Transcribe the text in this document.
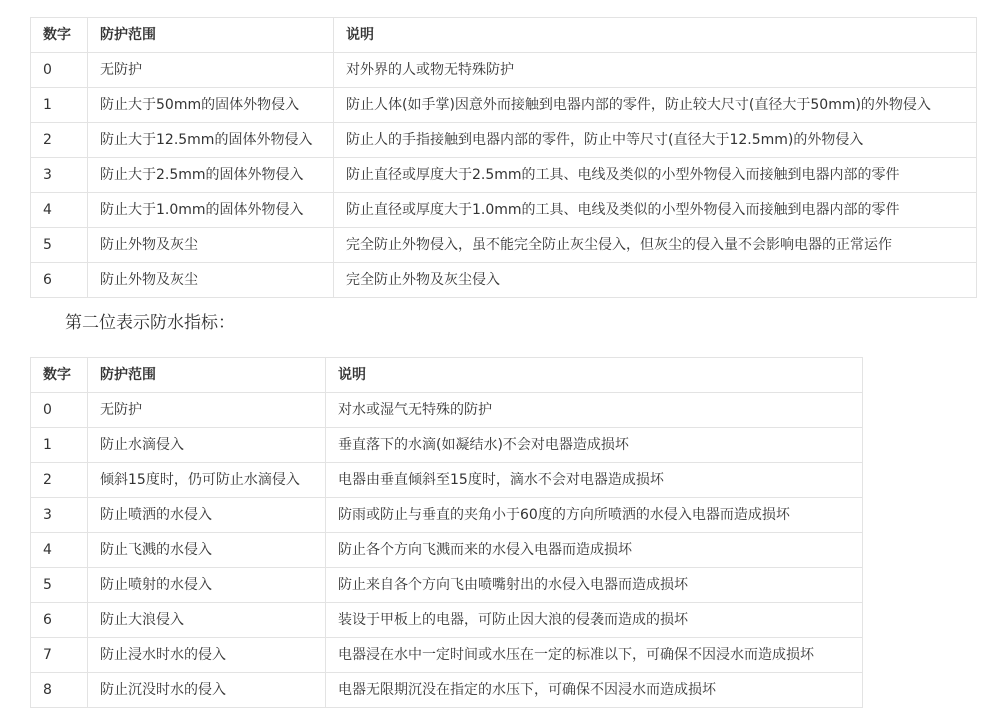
数字	防护范围	说明
0	无防护	对外界的人或物无特殊防护
1	防止大于50mm的固体外物侵入	防止人体(如手掌)因意外而接触到电器内部的零件，防止较大尺寸(直径大于50mm)的外物侵入
2	防止大于12.5mm的固体外物侵入	防止人的手指接触到电器内部的零件，防止中等尺寸(直径大于12.5mm)的外物侵入
3	防止大于2.5mm的固体外物侵入	防止直径或厚度大于2.5mm的工具、电线及类似的小型外物侵入而接触到电器内部的零件
4	防止大于1.0mm的固体外物侵入	防止直径或厚度大于1.0mm的工具、电线及类似的小型外物侵入而接触到电器内部的零件
5	防止外物及灰尘	完全防止外物侵入，虽不能完全防止灰尘侵入，但灰尘的侵入量不会影响电器的正常运作
6	防止外物及灰尘	完全防止外物及灰尘侵入
第二位表示防水指标：
数字	防护范围	说明
0	无防护	对水或湿气无特殊的防护
1	防止水滴侵入	垂直落下的水滴(如凝结水)不会对电器造成损坏
2	倾斜15度时，仍可防止水滴侵入	电器由垂直倾斜至15度时，滴水不会对电器造成损坏
3	防止喷洒的水侵入	防雨或防止与垂直的夹角小于60度的方向所喷洒的水侵入电器而造成损坏
4	防止飞溅的水侵入	防止各个方向飞溅而来的水侵入电器而造成损坏
5	防止喷射的水侵入	防止来自各个方向飞由喷嘴射出的水侵入电器而造成损坏
6	防止大浪侵入	装设于甲板上的电器，可防止因大浪的侵袭而造成的损坏
7	防止浸水时水的侵入	电器浸在水中一定时间或水压在一定的标准以下，可确保不因浸水而造成损坏
8	防止沉没时水的侵入	电器无限期沉没在指定的水压下，可确保不因浸水而造成损坏
